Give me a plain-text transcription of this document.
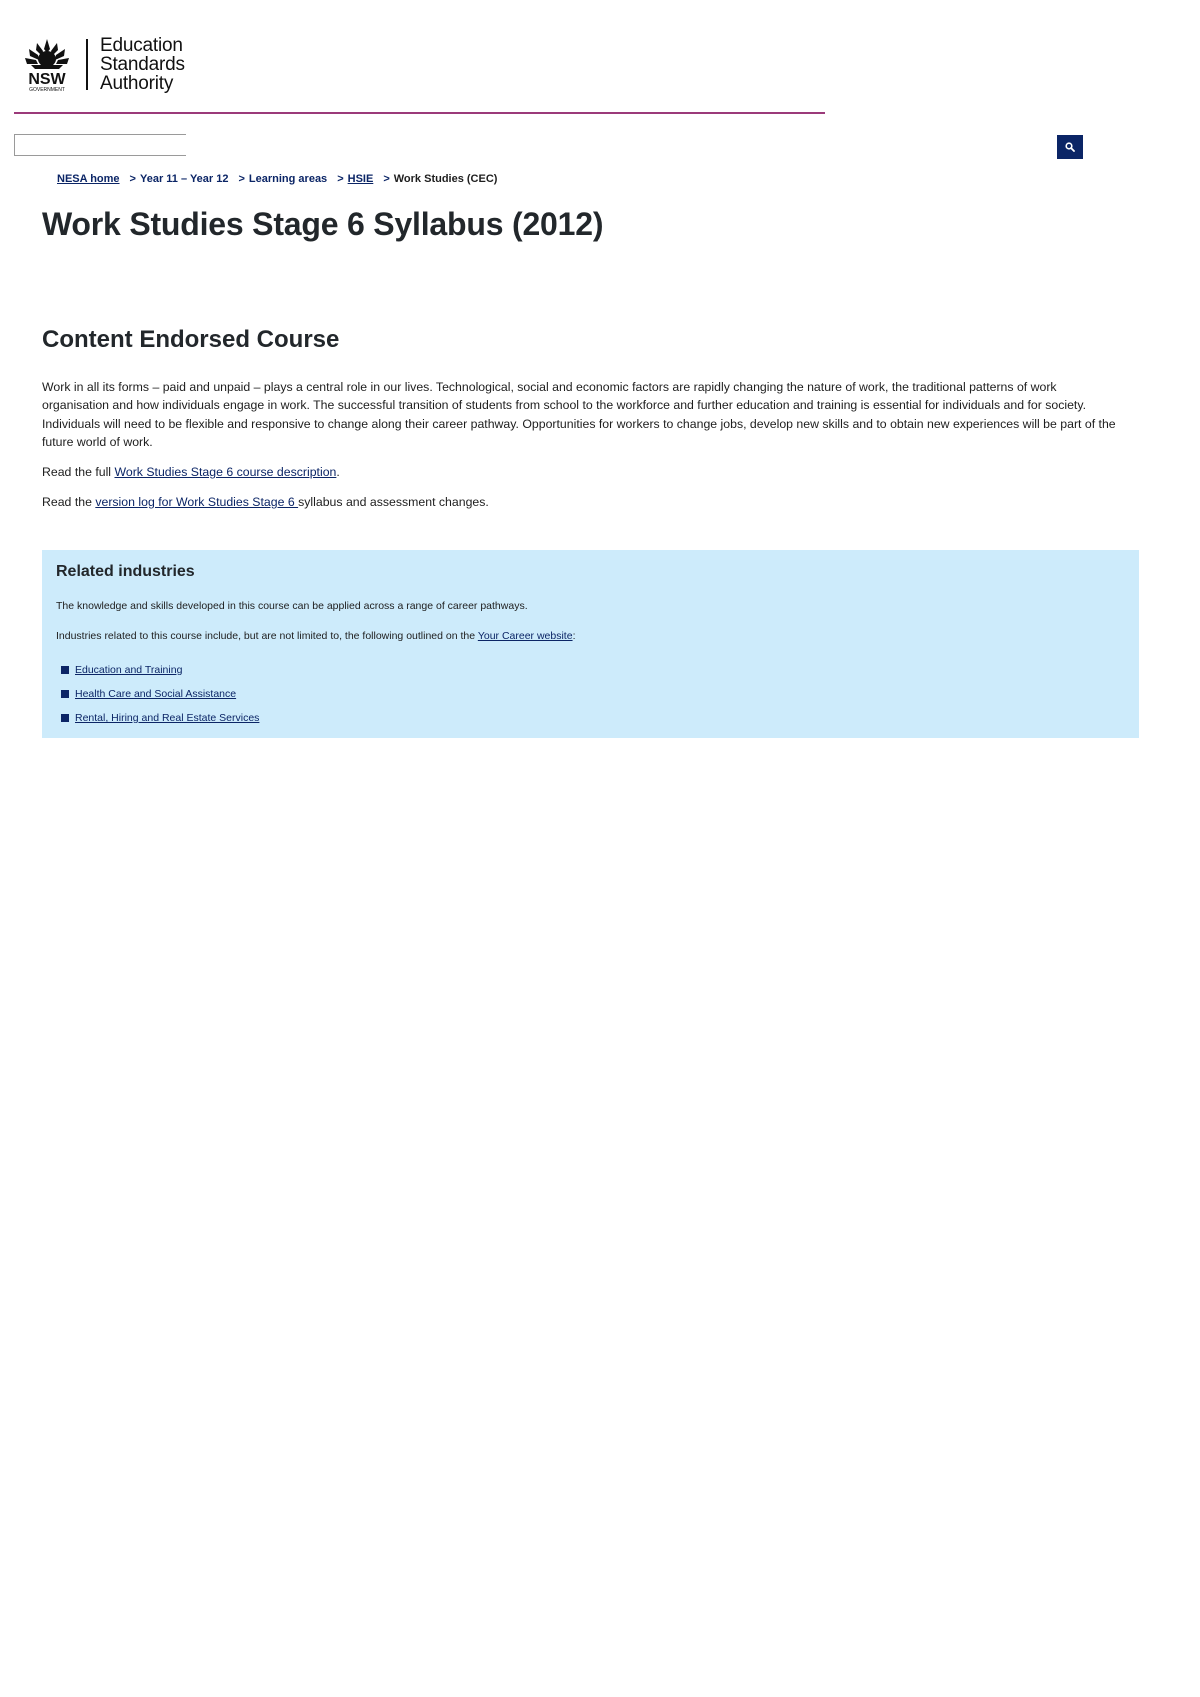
NSW
GOVERNMENT
Education
Standards
Authority
NESA home > Year 11 – Year 12 > Learning areas > HSIE > Work Studies (CEC)
Work Studies Stage 6 Syllabus (2012)
Content Endorsed Course

Work in all its forms – paid and unpaid – plays a central role in our lives. Technological, social and economic factors are rapidly changing the nature of work, the traditional patterns of work organisation and how individuals engage in work. The successful transition of students from school to the workforce and further education and training is essential for individuals and for society. Individuals will need to be flexible and responsive to change along their career pathway. Opportunities for workers to change jobs, develop new skills and to obtain new experiences will be part of the future world of work.

Read the full Work Studies Stage 6 course description.

Read the version log for Work Studies Stage 6 syllabus and assessment changes.

Related industries

The knowledge and skills developed in this course can be applied across a range of career pathways.

Industries related to this course include, but are not limited to, the following outlined on the Your Career website:

Education and Training
Health Care and Social Assistance
Rental, Hiring and Real Estate Services
